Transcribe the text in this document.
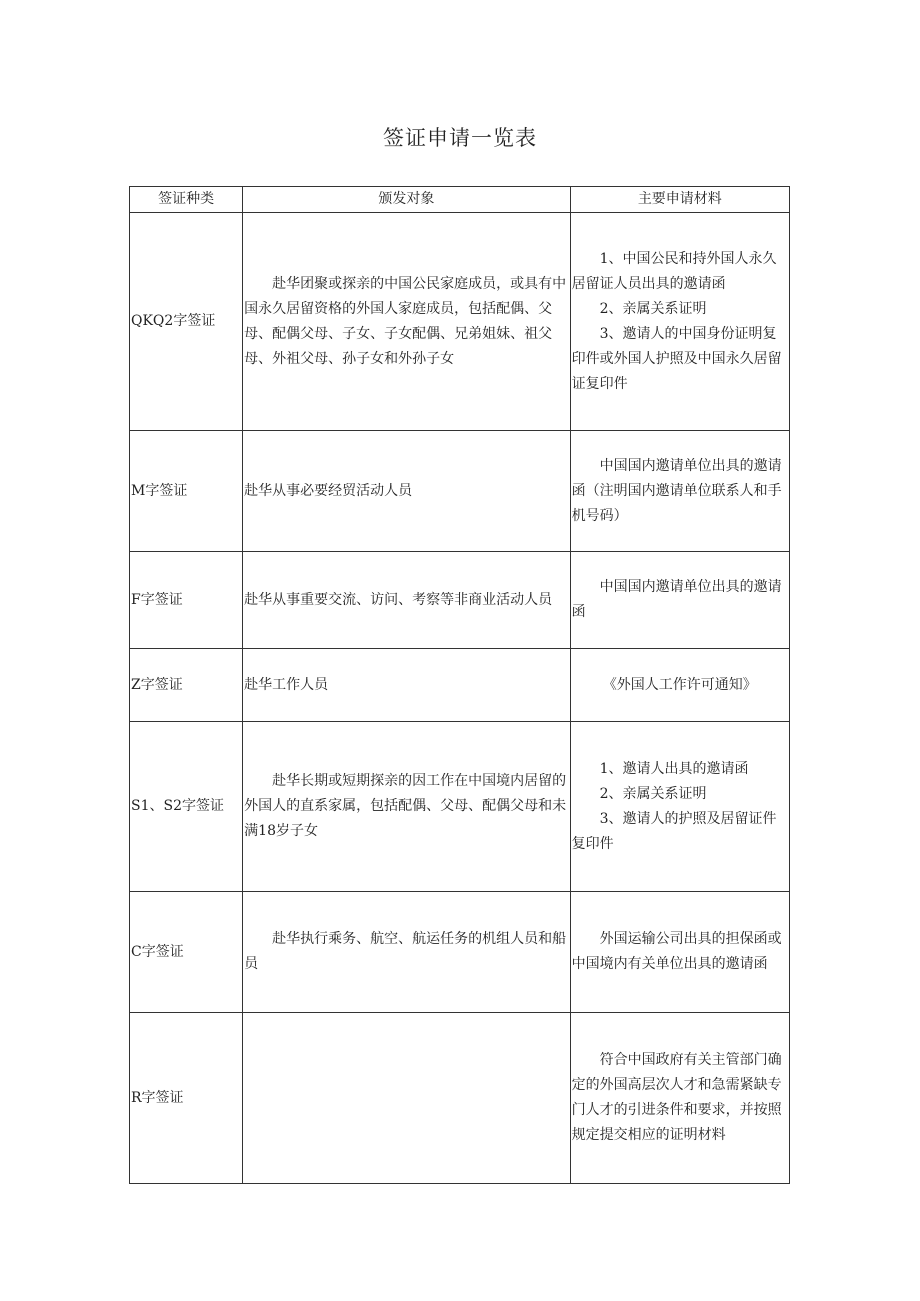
签证申请一览表
签证种类	颁发对象	主要申请材料
QKQ2字签证	赴华团聚或探亲的中国公民家庭成员，或具有中国永久居留资格的外国人家庭成员，包括配偶、父母、配偶父母、子女、子女配偶、兄弟姐妹、祖父母、外祖父母、孙子女和外孙子女	1、中国公民和持外国人永久居留证人员出具的邀请函

2、亲属关系证明

3、邀请人的中国身份证明复印件或外国人护照及中国永久居留证复印件

M字签证	赴华从事必要经贸活动人员	中国国内邀请单位出具的邀请函（注明国内邀请单位联系人和手机号码）

F字签证	赴华从事重要交流、访问、考察等非商业活动人员	中国国内邀请单位出具的邀请函

Z字签证	赴华工作人员	《外国人工作许可通知》

S1、S2字签证	赴华长期或短期探亲的因工作在中国境内居留的外国人的直系家属，包括配偶、父母、配偶父母和未满18岁子女	1、邀请人出具的邀请函

2、亲属关系证明

3、邀请人的护照及居留证件复印件

C字签证	赴华执行乘务、航空、航运任务的机组人员和船员	外国运输公司出具的担保函或中国境内有关单位出具的邀请函

R字签证		符合中国政府有关主管部门确定的外国高层次人才和急需紧缺专门人才的引进条件和要求，并按照规定提交相应的证明材料
